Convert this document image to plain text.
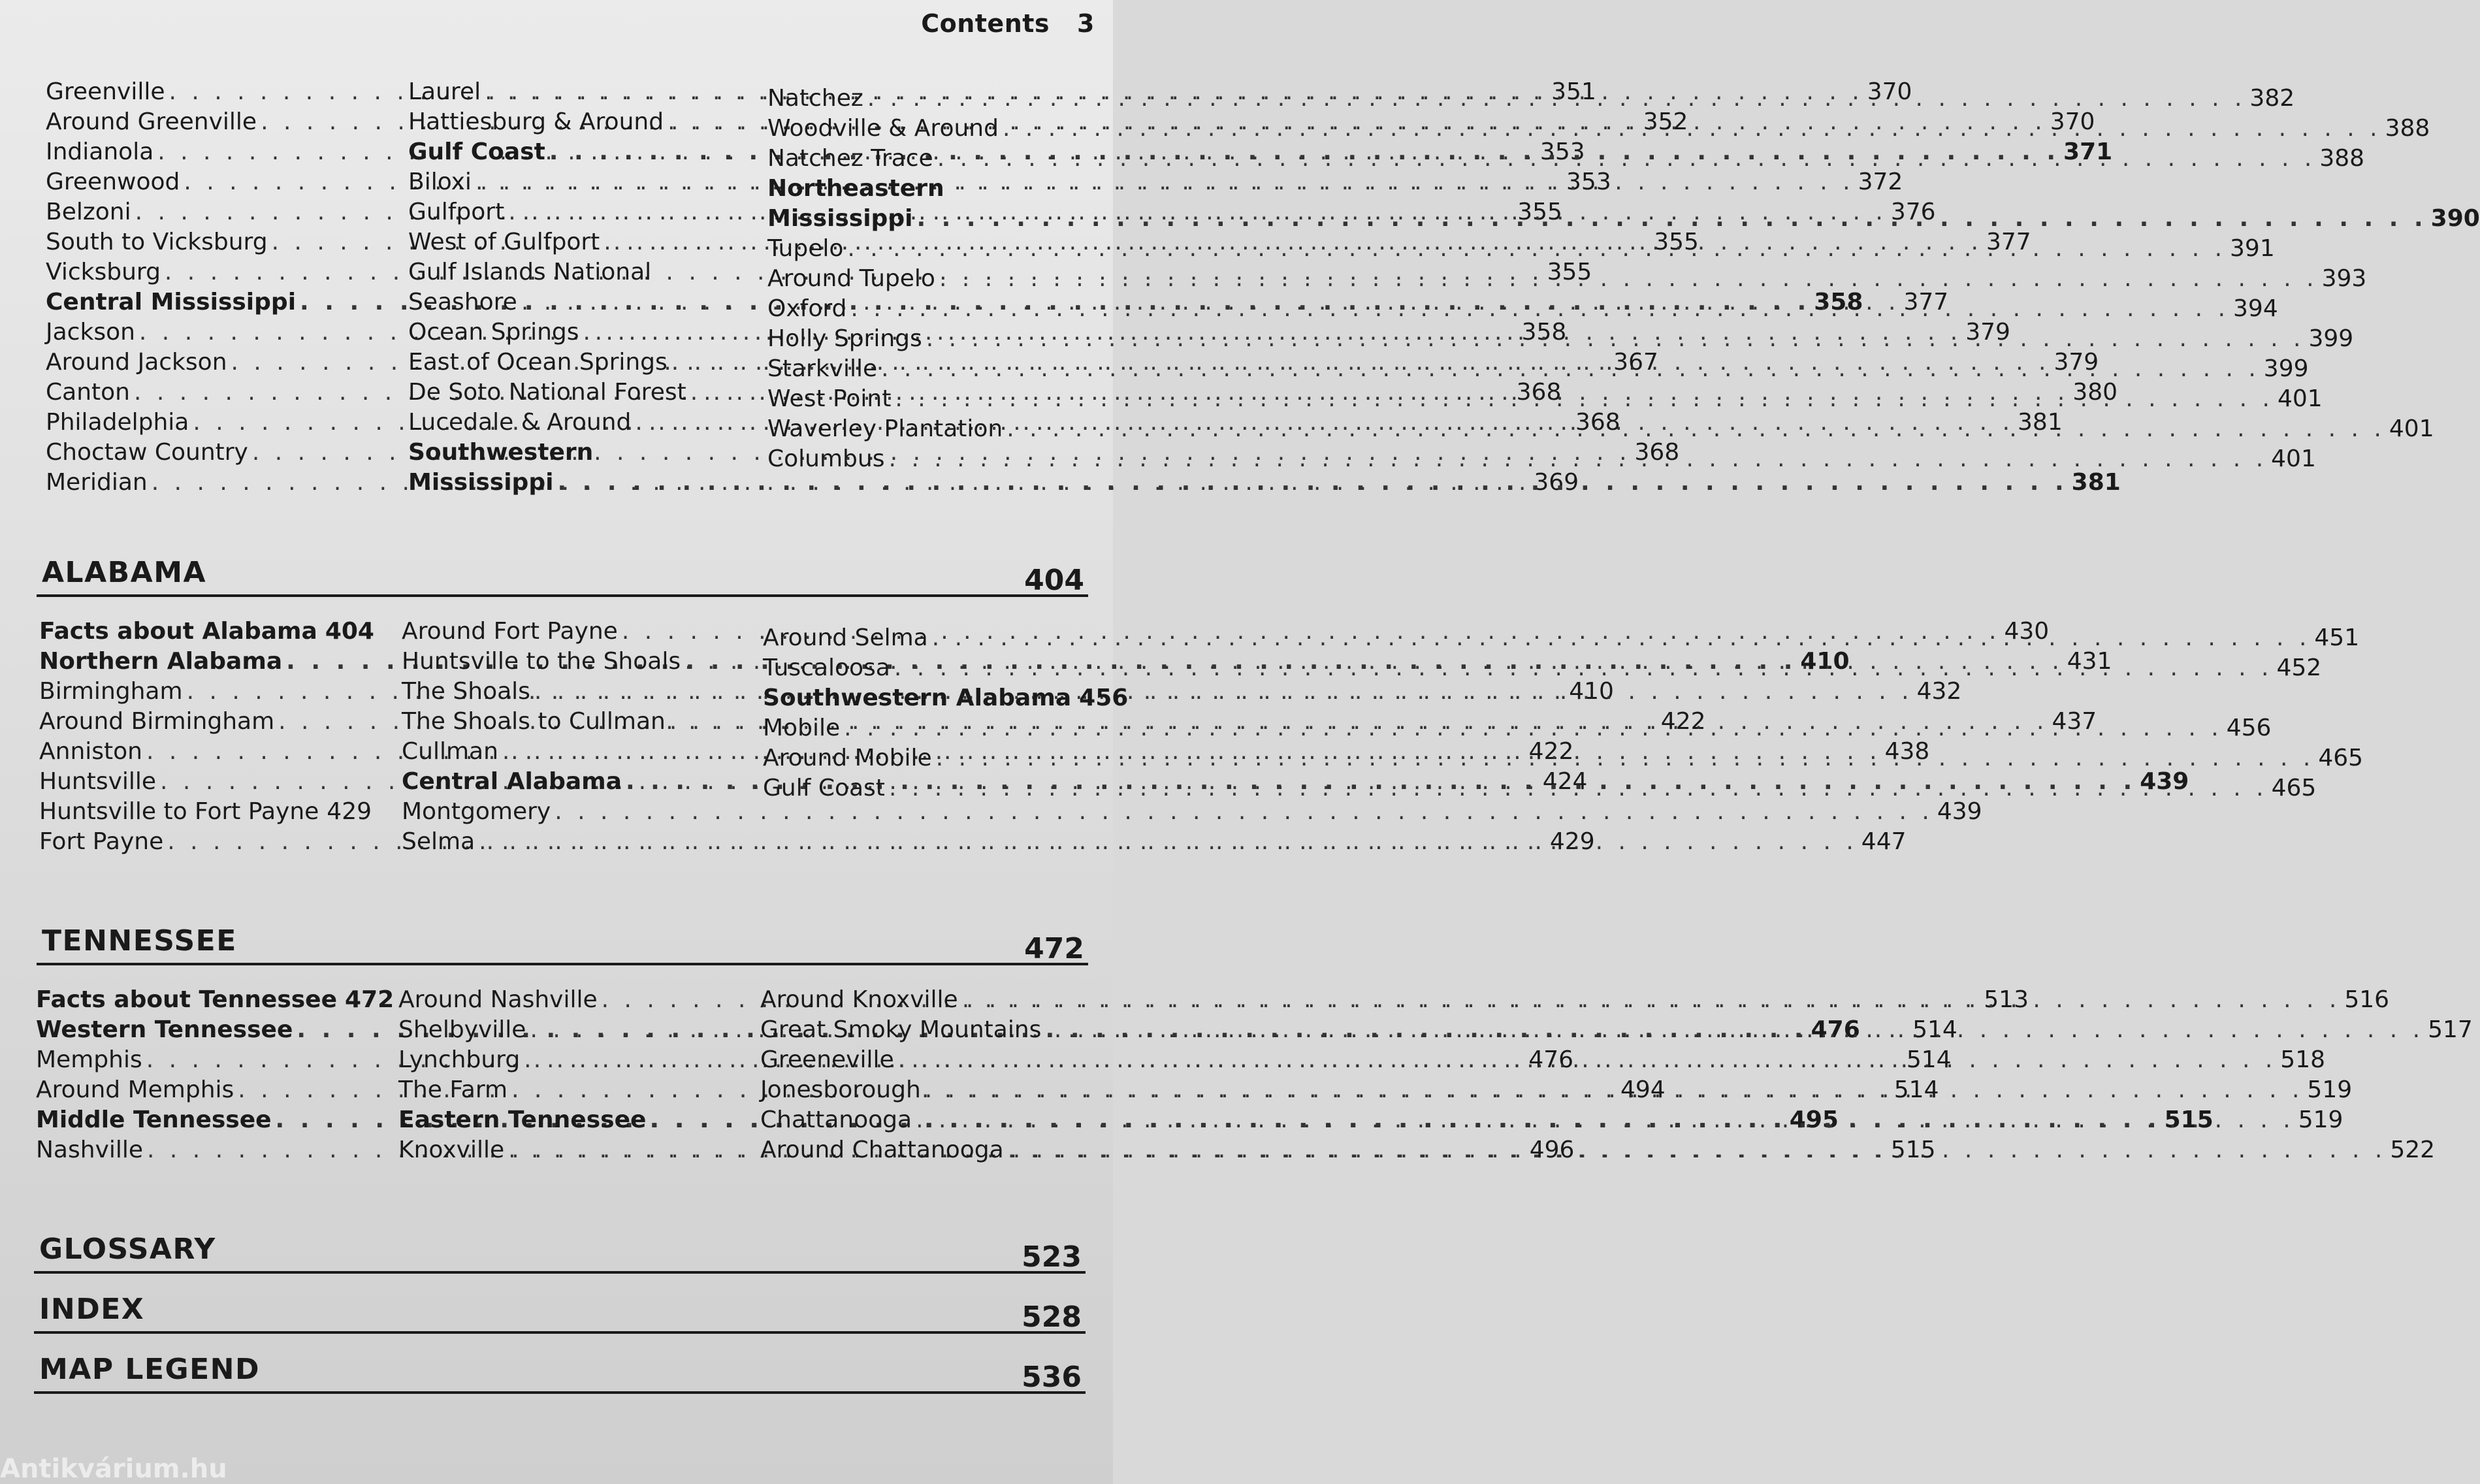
Contents 3
Greenville . . .	351
Around Greenville . . .	352
Indianola . . .	353
Greenwood . . .	353
Belzoni . . .	355
South to Vicksburg . . .	355
Vicksburg . . .	355
Central Mississippi . . .	358
Jackson . . .	358
Around Jackson . . .	367
Canton . . .	368
Philadelphia . . .	368
Choctaw Country . . .	368
Meridian . . .	369
Laurel . . .	370
Hattiesburg & Around . . .	370
Gulf Coast . . .	371
Biloxi . . .	372
Gulfport . . .	376
West of Gulfport . . .	377
Gulf Islands National
Seashore . . .	377
Ocean Springs . . .	379
East of Ocean Springs . . .	379
De Soto National Forest . . .	380
Lucedale & Around . . .	381
Southwestern
Mississippi . . .	381
Natchez . . .	382
Woodville & Around . . .	388
Natchez Trace . . .	388
Northeastern
Mississippi . . .	390
Tupelo . . .	391
Around Tupelo . . .	393
Oxford . . .	394
Holly Springs . . .	399
Starkville . . .	399
West Point . . .	401
Waverley Plantation . . .	401
Columbus . . .	401
ALABAMA	404
Facts about Alabama 404
Northern Alabama . . .	410
Birmingham . . .	410
Around Birmingham . . .	422
Anniston . . .	422
Huntsville . . .	424
Huntsville to Fort Payne 429
Fort Payne . . .	429
Around Fort Payne . . .	430
Huntsville to the Shoals . . .	431
The Shoals . . .	432
The Shoals to Cullman . . .	437
Cullman . . .	438
Central Alabama . . .	439
Montgomery . . .	439
Selma . . .	447
Around Selma . . .	451
Tuscaloosa . . .	452
Southwestern Alabama 456
Mobile . . .	456
Around Mobile . . .	465
Gulf Coast . . .	465
TENNESSEE	472
Facts about Tennessee 472
Western Tennessee . . .	476
Memphis . . .	476
Around Memphis . . .	494
Middle Tennessee . . .	495
Nashville . . .	496
Around Nashville . . .	513
Shelbyville . . .	514
Lynchburg . . .	514
The Farm . . .	514
Eastern Tennessee . . .	515
Knoxville . . .	515
Around Knoxville . . .	516
Great Smoky Mountains . . .	517
Greeneville . . .	518
Jonesborough . . .	519
Chattanooga . . .	519
Around Chattanooga . . .	522
GLOSSARY	523
INDEX	528
MAP LEGEND	536
Antikvárium.hu
